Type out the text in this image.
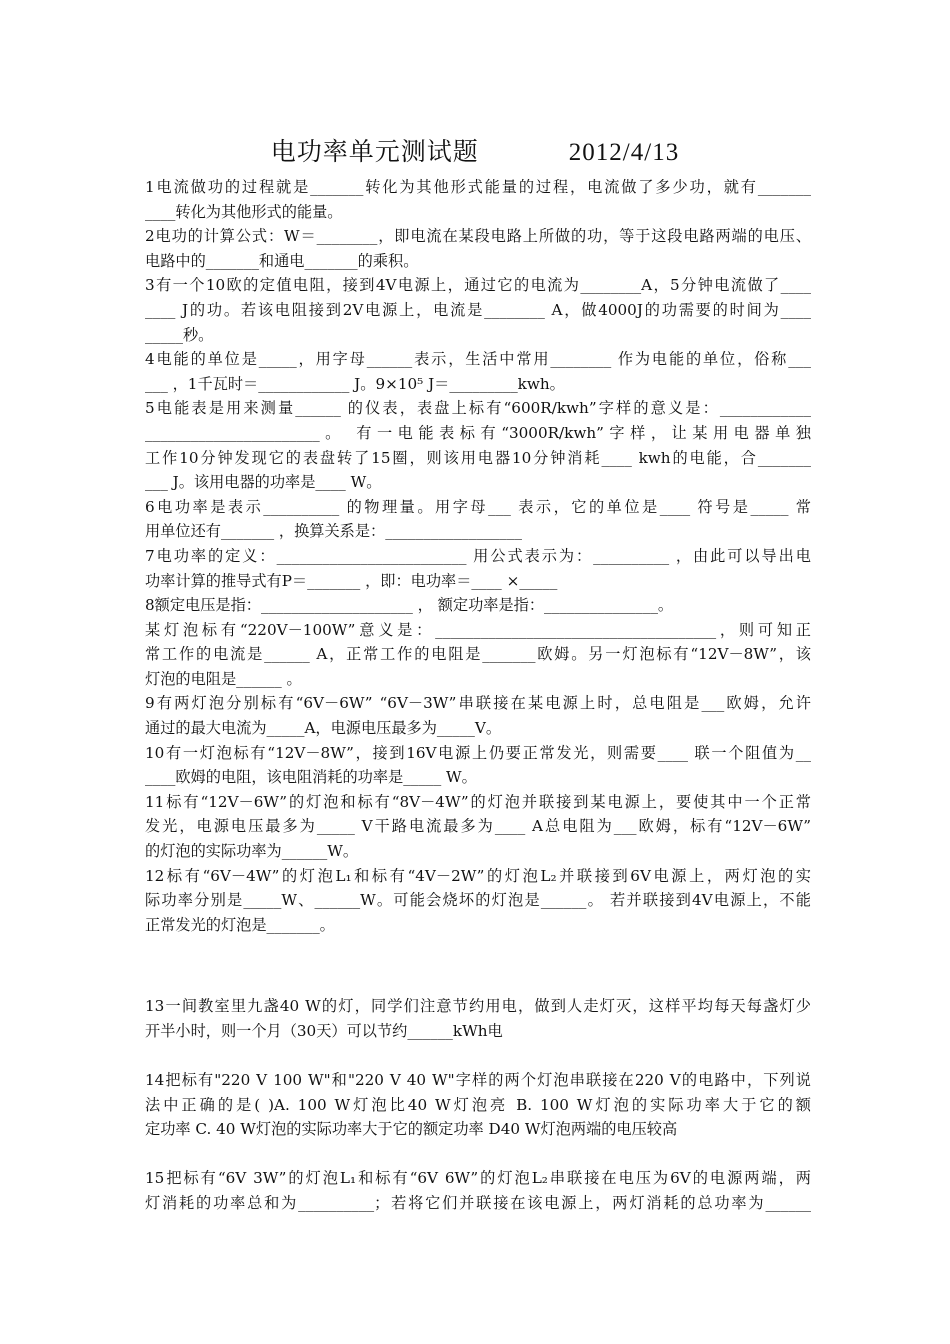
电功率单元测试题	2012/4/13
1电流做功的过程就是_______转化为其他形式能量的过程，电流做了多少功，就有_______
____转化为其他形式的能量。
2电功的计算公式：W＝________，即电流在某段电路上所做的功，等于这段电路两端的电压、
电路中的_______和通电_______的乘积。
3有一个10欧的定值电阻，接到4V电源上，通过它的电流为________A，5分钟电流做了____
____ J的功。若该电阻接到2V电源上，电流是________ A，做4000J的功需要的时间为____
_____秒。
4电能的单位是_____，用字母______表示，生活中常用________ 作为电能的单位，俗称___
___ ，1千瓦时＝____________ J。9×10⁵ J＝_________kwh。
5电能表是用来测量______ 的仪表，表盘上标有“600R/kwh”字样的意义是：____________
_______________________。 有一电能表标有“3000R/kwh”字样，让某用电器单独
工作10分钟发现它的表盘转了15圈，则该用电器10分钟消耗____ kwh的电能，合_______
___ J。该用电器的功率是____ W。
6电功率是表示__________ 的物理量。用字母___ 表示，它的单位是____ 符号是_____ 常
用单位还有_______ ，换算关系是：__________________
7电功率的定义：_________________________ 用公式表示为：__________ ，由此可以导出电
功率计算的推导式有P＝_______ ，即：电功率＝____ ×_____
8额定电压是指：____________________ ， 额定功率是指：_______________。
某灯泡标有“220V－100W”意义是：_____________________________________，则可知正
常工作的电流是______ A，正常工作的电阻是_______欧姆。另一灯泡标有“12V－8W”，该
灯泡的电阻是______ 。
9有两灯泡分别标有“6V－6W” “6V－3W”串联接在某电源上时，总电阻是___欧姆，允许
通过的最大电流为_____A，电源电压最多为_____V。
10有一灯泡标有“12V－8W”，接到16V电源上仍要正常发光，则需要____ 联一个阻值为__
____欧姆的电阻，该电阻消耗的功率是_____ W。
11标有“12V－6W”的灯泡和标有“8V－4W”的灯泡并联接到某电源上，要使其中一个正常
发光，电源电压最多为_____ V干路电流最多为____ A总电阻为___欧姆，标有“12V－6W”
的灯泡的实际功率为______W。
12标有“6V－4W”的灯泡L₁和标有“4V－2W”的灯泡L₂并联接到6V电源上，两灯泡的实
际功率分别是_____W、______W。可能会烧坏的灯泡是______。 若并联接到4V电源上，不能
正常发光的灯泡是_______。
13一间教室里九盏40 W的灯，同学们注意节约用电，做到人走灯灭，这样平均每天每盏灯少
开半小时，则一个月（30天）可以节约______kWh电
14把标有"220 V 100 W"和"220 V 40 W"字样的两个灯泡串联接在220 V的电路中，下列说
法中正确的是( )A. 100 W灯泡比40 W灯泡亮 B. 100 W灯泡的实际功率大于它的额
定功率 C. 40 W灯泡的实际功率大于它的额定功率 D40 W灯泡两端的电压较高
15把标有“6V 3W”的灯泡L₁和标有“6V 6W”的灯泡L₂串联接在电压为6V的电源两端，两
灯消耗的功率总和为__________；若将它们并联接在该电源上，两灯消耗的总功率为______
